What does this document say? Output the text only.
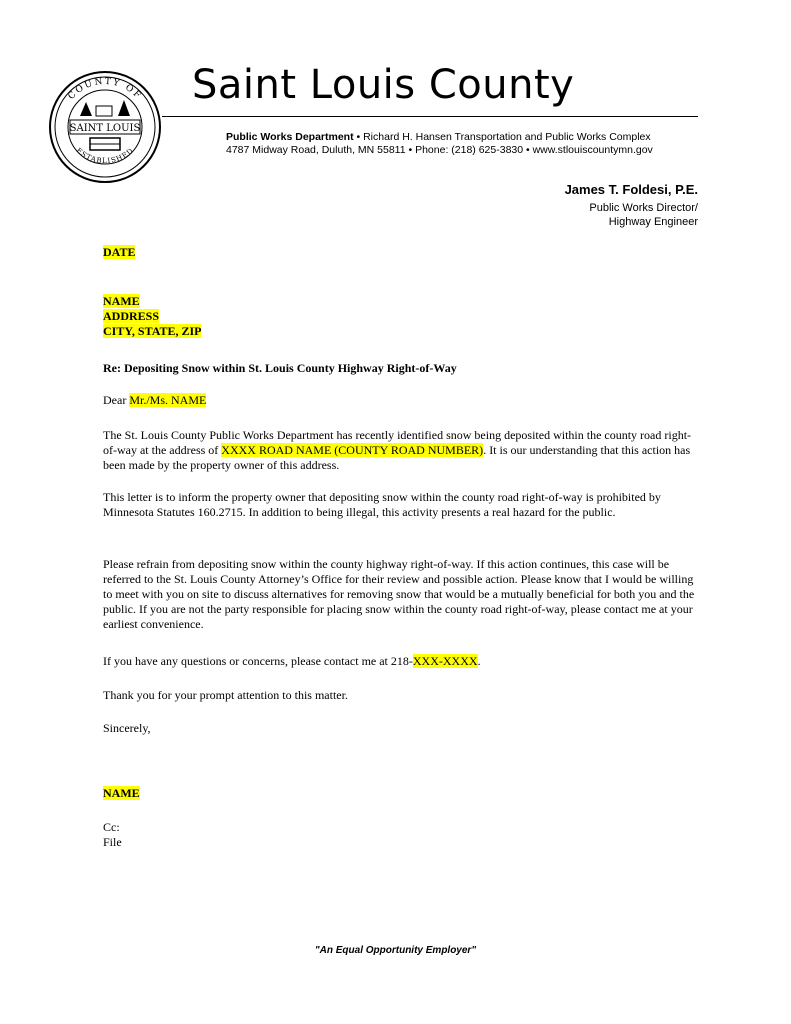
COUNTY OF
ESTABLISHED
SAINT LOUIS
Saint Louis County
Public Works Department • Richard H. Hansen Transportation and Public Works Complex
4787 Midway Road, Duluth, MN 55811 • Phone: (218) 625-3830 • www.stlouiscountymn.gov
James T. Foldesi, P.E.
Public Works Director/
Highway Engineer
DATE
NAME
ADDRESS
CITY, STATE, ZIP
Re: Depositing Snow within St. Louis County Highway Right-of-Way
Dear Mr./Ms. NAME

The St. Louis County Public Works Department has recently identified snow being deposited within the county road right-of-way at the address of XXXX ROAD NAME (COUNTY ROAD NUMBER). It is our understanding that this action has been made by the property owner of this address.

This letter is to inform the property owner that depositing snow within the county road right-of-way is prohibited by Minnesota Statutes 160.2715. In addition to being illegal, this activity presents a real hazard for the public.

Please refrain from depositing snow within the county highway right-of-way. If this action continues, this case will be referred to the St. Louis County Attorney’s Office for their review and possible action. Please know that I would be willing to meet with you on site to discuss alternatives for removing snow that would be a mutually beneficial for both you and the public. If you are not the party responsible for placing snow within the county road right-of-way, please contact me at your earliest convenience.

If you have any questions or concerns, please contact me at 218-XXX-XXXX.

Thank you for your prompt attention to this matter.

Sincerely,
NAME
Cc:
File
"An Equal Opportunity Employer"
